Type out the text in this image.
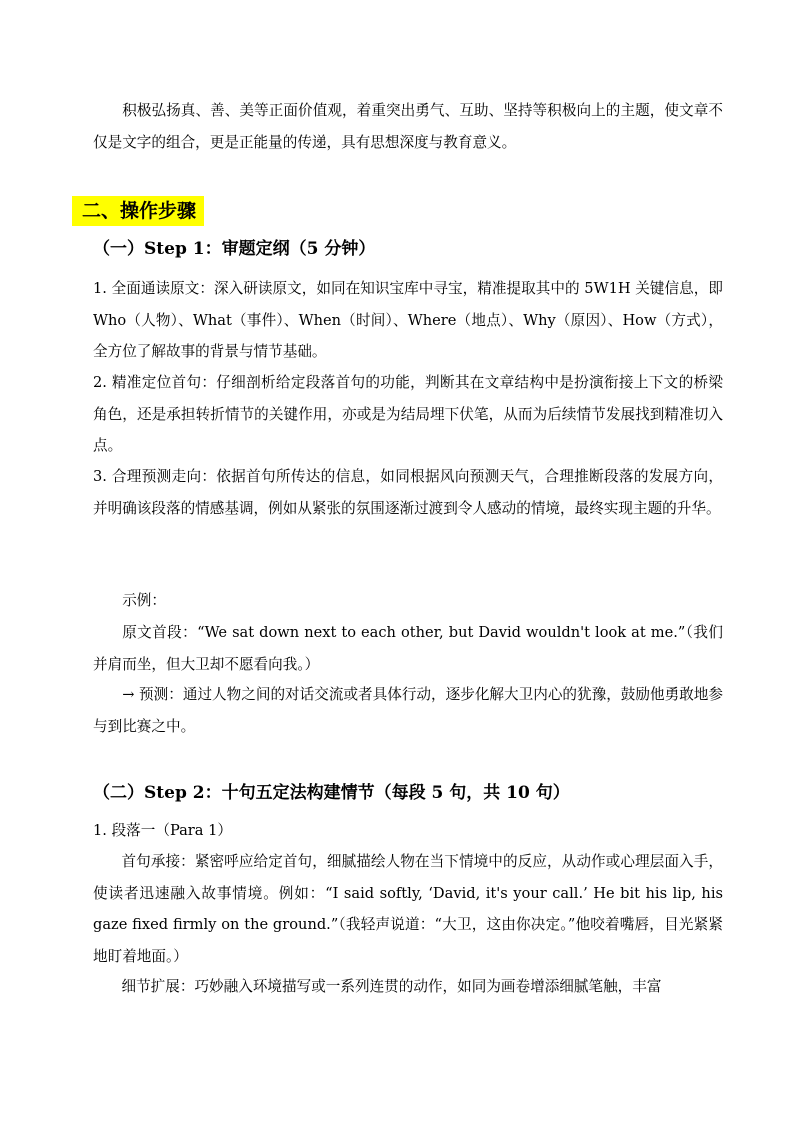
积极弘扬真、善、美等正面价值观，着重突出勇气、互助、坚持等积极向上的主题，使文章不仅是文字的组合，更是正能量的传递，具有思想深度与教育意义。

二、操作步骤
（一）Step 1：审题定纲（5 分钟）

1. 全面通读原文：深入研读原文，如同在知识宝库中寻宝，精准提取其中的 5W1H 关键信息，即 Who（人物）、What（事件）、When（时间）、Where（地点）、Why（原因）、How（方式），全方位了解故事的背景与情节基础。

2. 精准定位首句：仔细剖析给定段落首句的功能，判断其在文章结构中是扮演衔接上下文的桥梁角色，还是承担转折情节的关键作用，亦或是为结局埋下伏笔，从而为后续情节发展找到精准切入点。

3. 合理预测走向：依据首句所传达的信息，如同根据风向预测天气，合理推断段落的发展方向，并明确该段落的情感基调，例如从紧张的氛围逐渐过渡到令人感动的情境，最终实现主题的升华。

示例：

原文首段：“We sat down next to each other, but David wouldn't look at me.”（我们并肩而坐，但大卫却不愿看向我。）

→ 预测：通过人物之间的对话交流或者具体行动，逐步化解大卫内心的犹豫，鼓励他勇敢地参与到比赛之中。

（二）Step 2：十句五定法构建情节（每段 5 句，共 10 句）

1. 段落一（Para 1）

首句承接：紧密呼应给定首句，细腻描绘人物在当下情境中的反应，从动作或心理层面入手，使读者迅速融入故事情境。例如：“I said softly, ‘David, it's your call.’ He bit his lip, his gaze fixed firmly on the ground.”（我轻声说道：“大卫，这由你决定。”他咬着嘴唇，目光紧紧地盯着地面。）

细节扩展：巧妙融入环境描写或一系列连贯的动作，如同为画卷增添细腻笔触，丰富
